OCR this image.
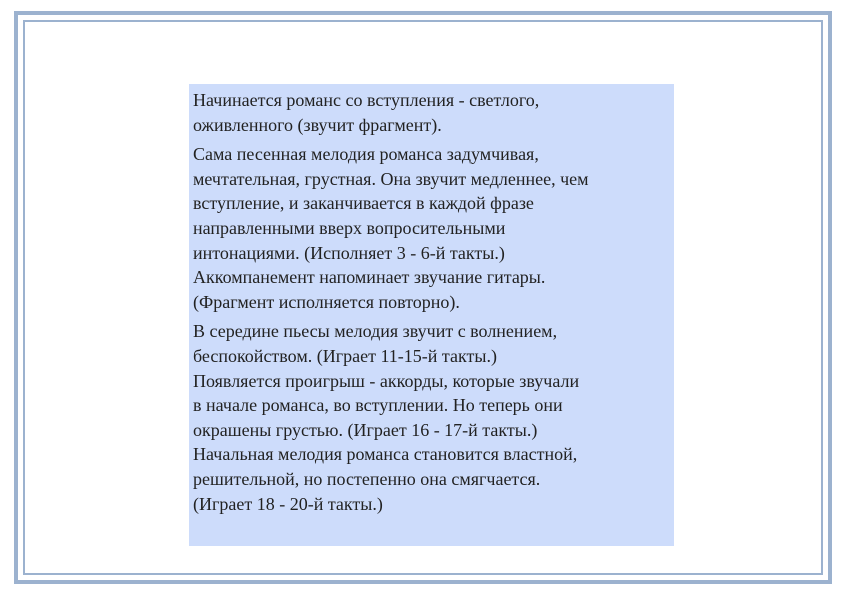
Начинается романс со вступления - светлого,
оживленного (звучит фрагмент).

Сама песенная мелодия романса задумчивая,
мечтательная, грустная. Она звучит медленнее, чем
вступление, и заканчивается в каждой фразе
направленными вверх вопросительными
интонациями. (Исполняет 3 - 6-й такты.)
Аккомпанемент напоминает звучание гитары.
(Фрагмент исполняется повторно).

В середине пьесы мелодия звучит с волнением,
беспокойством. (Играет 11-15-й такты.)
Появляется проигрыш - аккорды, которые звучали
в начале романса, во вступлении. Но теперь они
окрашены грустью. (Играет 16 - 17-й такты.)
Начальная мелодия романса становится властной,
решительной, но постепенно она смягчается.
(Играет 18 - 20-й такты.)
